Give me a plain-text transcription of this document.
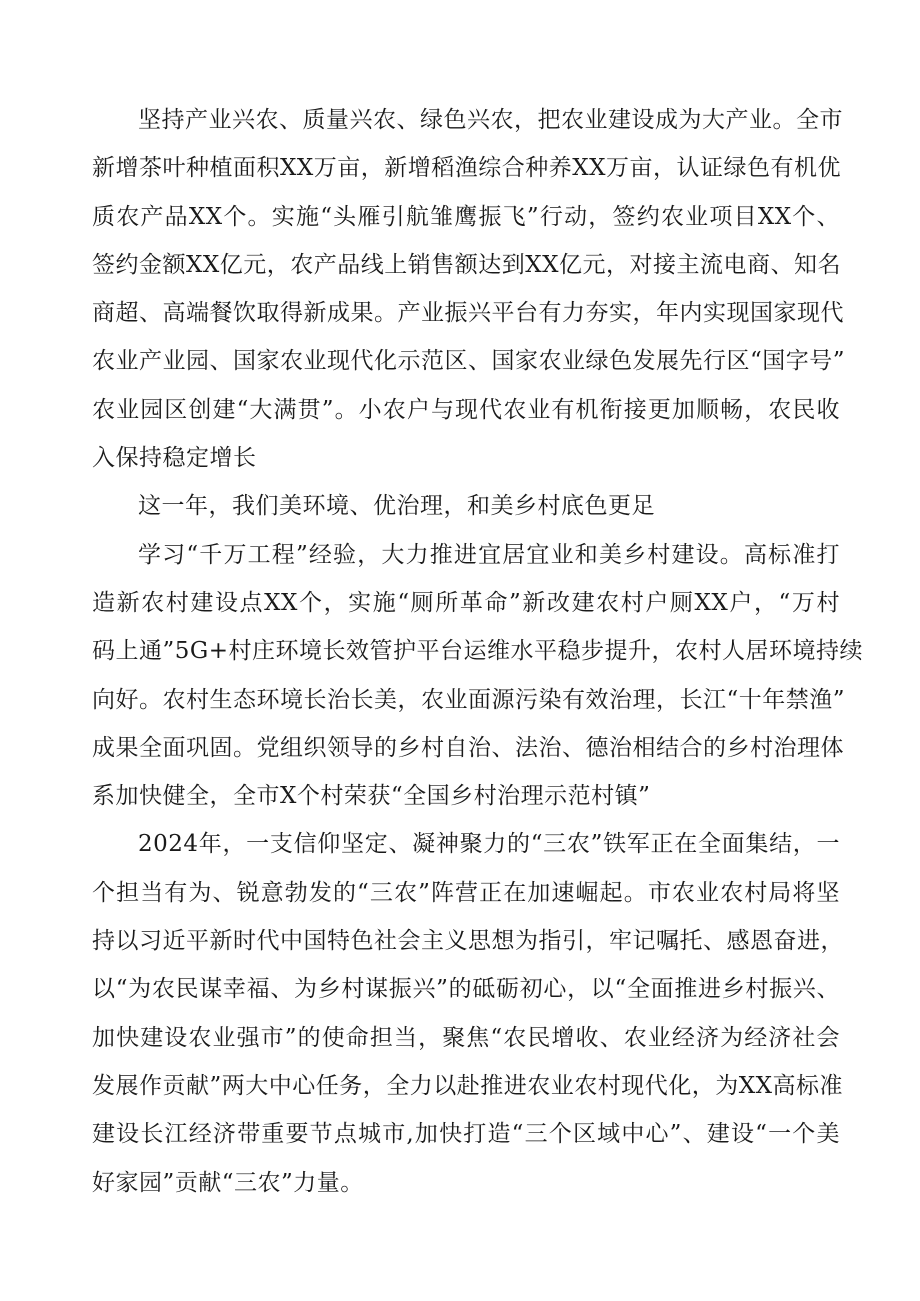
坚持产业兴农、质量兴农、绿色兴农，把农业建设成为大产业。全市
新增茶叶种植面积XX万亩，新增稻渔综合种养XX万亩，认证绿色有机优
质农产品XX个。实施“头雁引航雏鹰振飞”行动，签约农业项目XX个、
签约金额XX亿元，农产品线上销售额达到XX亿元，对接主流电商、知名
商超、高端餐饮取得新成果。产业振兴平台有力夯实，年内实现国家现代
农业产业园、国家农业现代化示范区、国家农业绿色发展先行区“国字号”
农业园区创建“大满贯”。小农户与现代农业有机衔接更加顺畅，农民收
入保持稳定增长
这一年，我们美环境、优治理，和美乡村底色更足
学习“千万工程”经验，大力推进宜居宜业和美乡村建设。高标准打
造新农村建设点XX个，实施“厕所革命”新改建农村户厕XX户，“万村
码上通”5G+村庄环境长效管护平台运维水平稳步提升，农村人居环境持续
向好。农村生态环境长治长美，农业面源污染有效治理，长江“十年禁渔”
成果全面巩固。党组织领导的乡村自治、法治、德治相结合的乡村治理体
系加快健全，全市X个村荣获“全国乡村治理示范村镇”
2024年，一支信仰坚定、凝神聚力的“三农”铁军正在全面集结，一
个担当有为、锐意勃发的“三农”阵营正在加速崛起。市农业农村局将坚
持以习近平新时代中国特色社会主义思想为指引，牢记嘱托、感恩奋进，
以“为农民谋幸福、为乡村谋振兴”的砥砺初心，以“全面推进乡村振兴、
加快建设农业强市”的使命担当，聚焦“农民增收、农业经济为经济社会
发展作贡献”两大中心任务，全力以赴推进农业农村现代化，为XX高标准
建设长江经济带重要节点城市,加快打造“三个区域中心”、建设“一个美
好家园”贡献“三农”力量。
